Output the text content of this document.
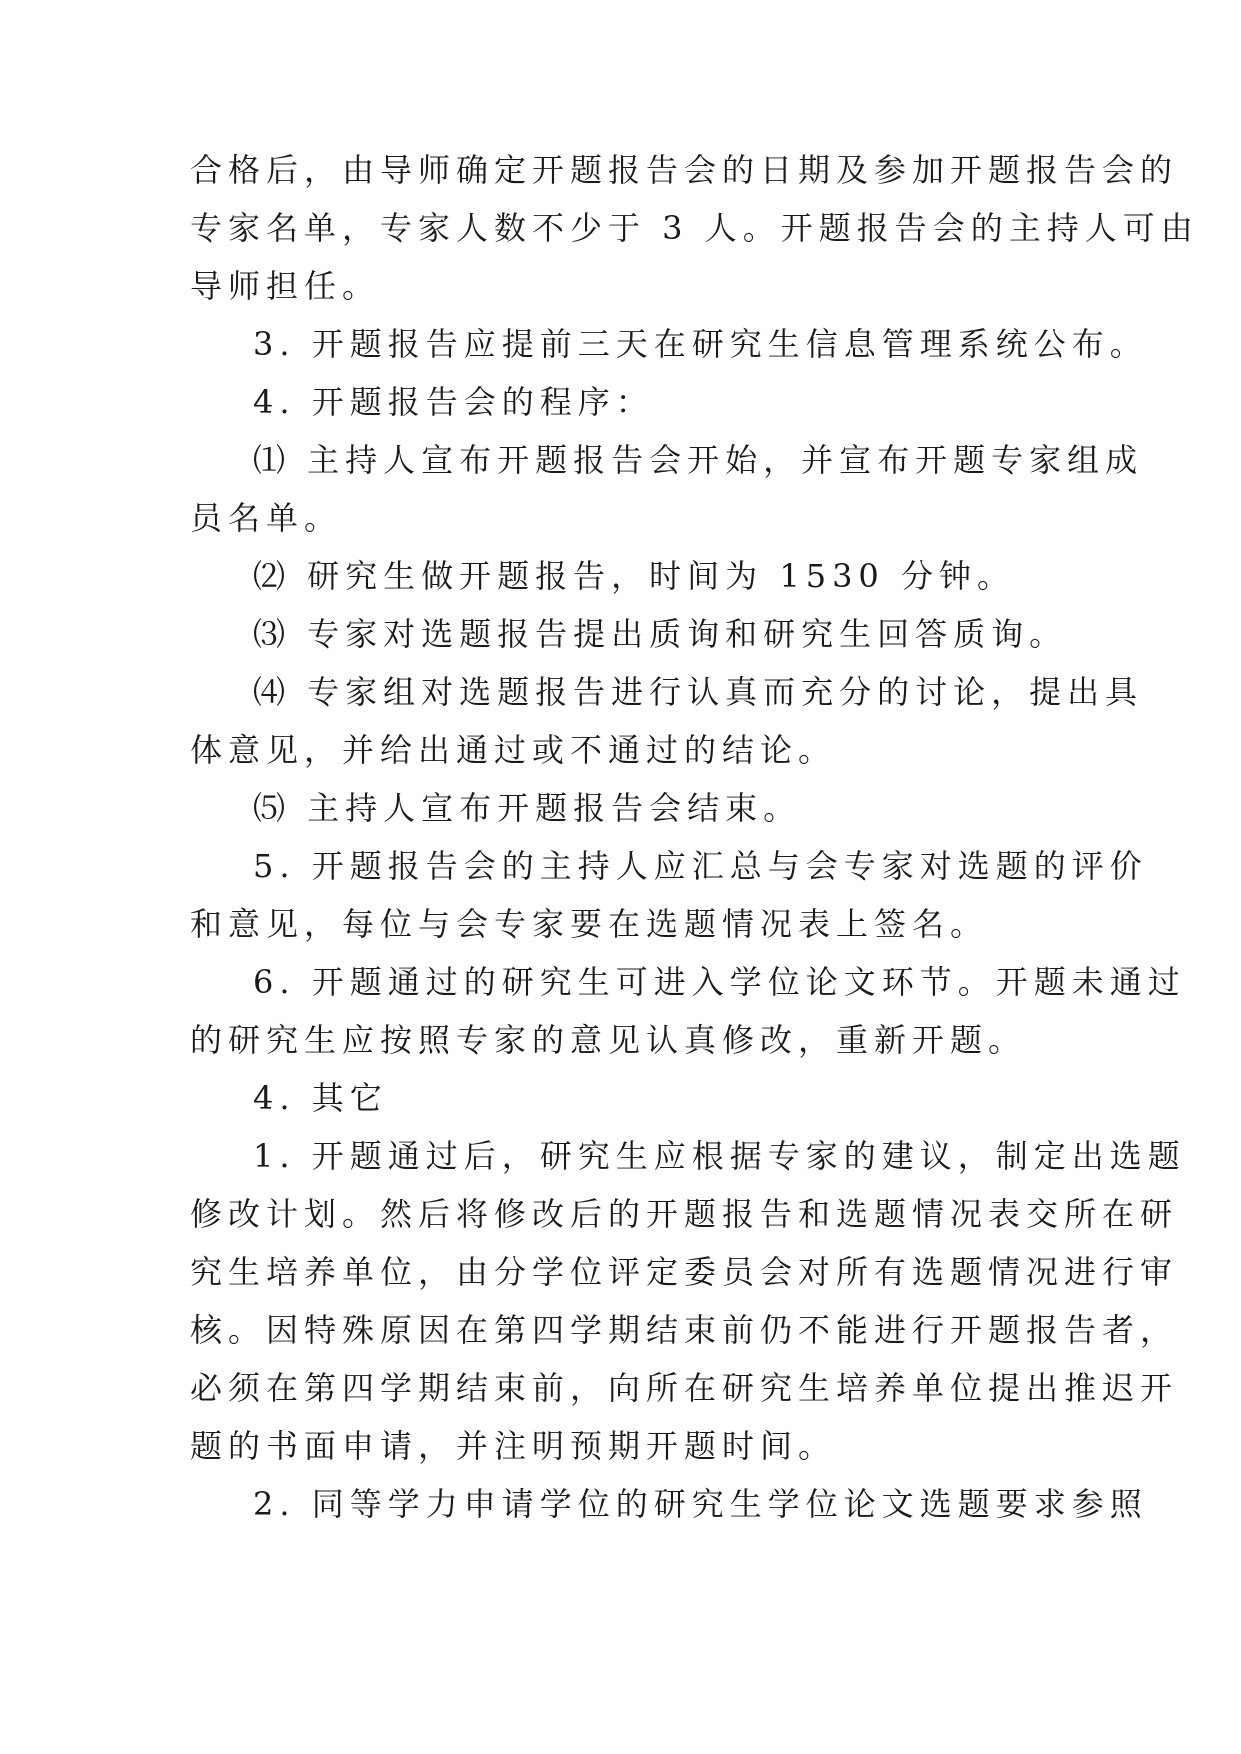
合格后，由导师确定开题报告会的日期及参加开题报告会的
专家名单，专家人数不少于 3 人。开题报告会的主持人可由
导师担任。
3. 开题报告应提前三天在研究生信息管理系统公布。
4. 开题报告会的程序：
⑴ 主持人宣布开题报告会开始，并宣布开题专家组成
员名单。
⑵ 研究生做开题报告，时间为 1530 分钟。
⑶ 专家对选题报告提出质询和研究生回答质询。
⑷ 专家组对选题报告进行认真而充分的讨论，提出具
体意见，并给出通过或不通过的结论。
⑸ 主持人宣布开题报告会结束。
5. 开题报告会的主持人应汇总与会专家对选题的评价
和意见，每位与会专家要在选题情况表上签名。
6. 开题通过的研究生可进入学位论文环节。开题未通过
的研究生应按照专家的意见认真修改，重新开题。
4. 其它
1. 开题通过后，研究生应根据专家的建议，制定出选题
修改计划。然后将修改后的开题报告和选题情况表交所在研
究生培养单位，由分学位评定委员会对所有选题情况进行审
核。因特殊原因在第四学期结束前仍不能进行开题报告者，
必须在第四学期结束前，向所在研究生培养单位提出推迟开
题的书面申请，并注明预期开题时间。
2. 同等学力申请学位的研究生学位论文选题要求参照
